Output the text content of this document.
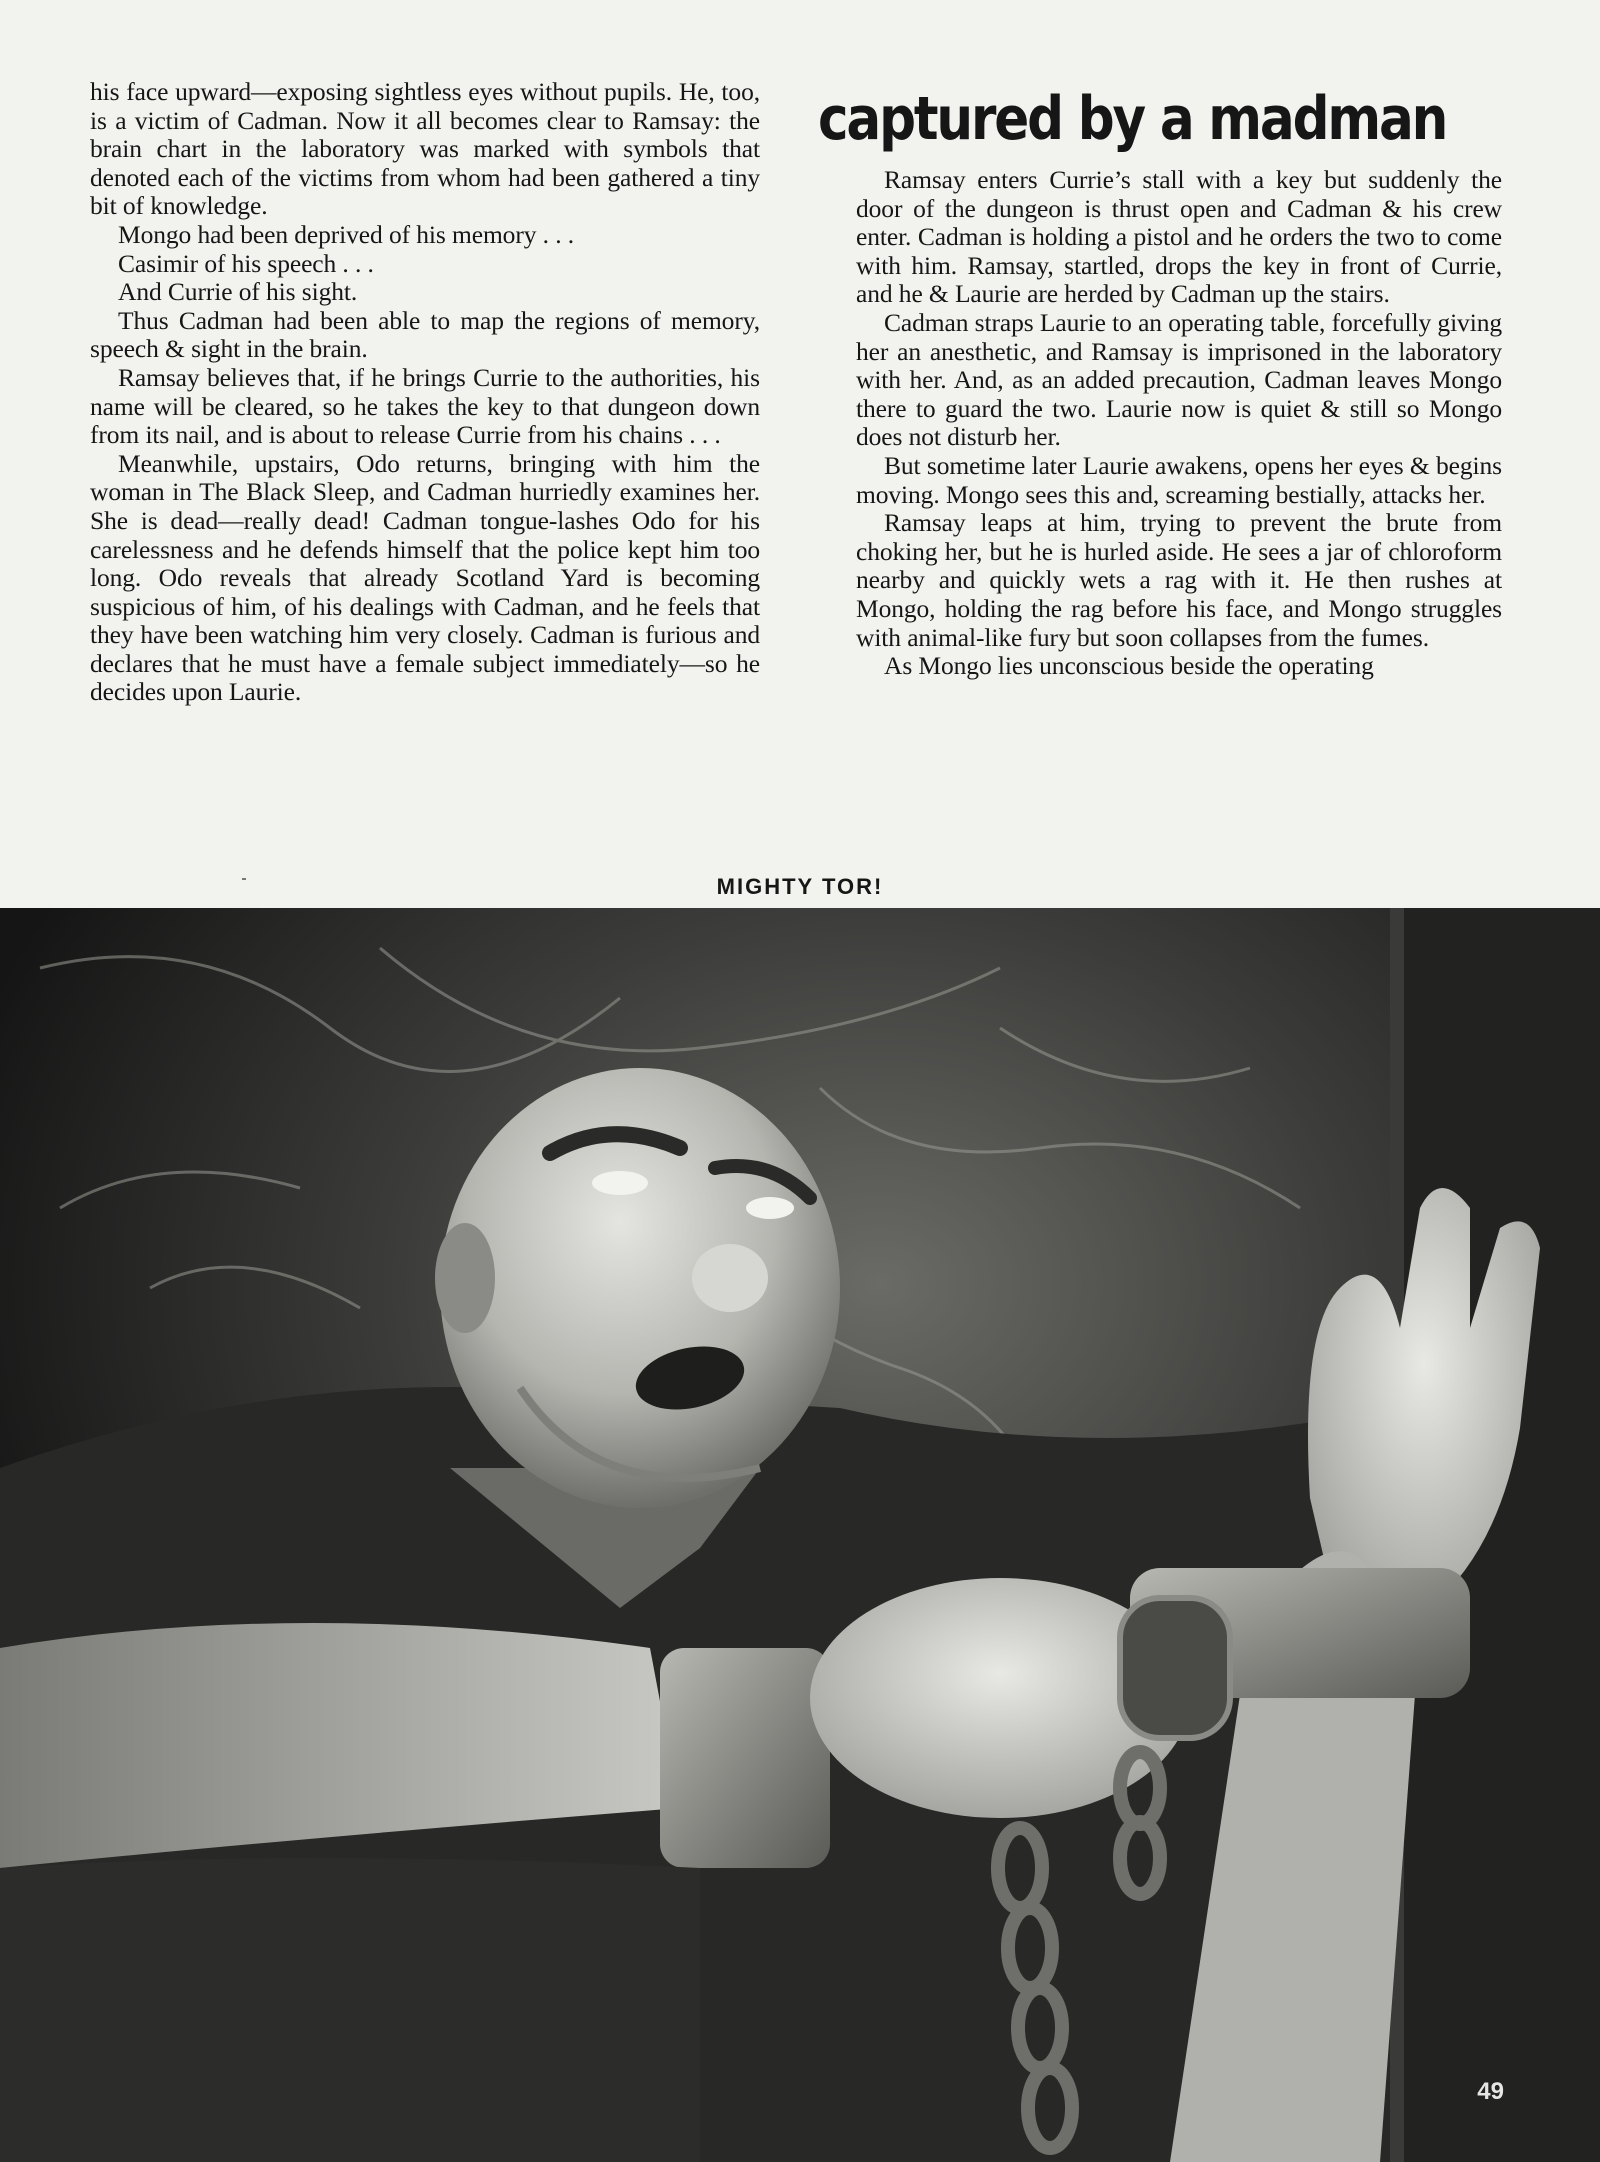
his face upward—exposing sightless eyes without pupils. He, too, is a victim of Cadman. Now it all becomes clear to Ramsay: the brain chart in the laboratory was marked with symbols that denoted each of the victims from whom had been gathered a tiny bit of knowledge.

Mongo had been deprived of his memory . . .

Casimir of his speech . . .

And Currie of his sight.

Thus Cadman had been able to map the regions of memory, speech & sight in the brain.

Ramsay believes that, if he brings Currie to the authorities, his name will be cleared, so he takes the key to that dungeon down from its nail, and is about to release Currie from his chains . . .

Meanwhile, upstairs, Odo returns, bringing with him the woman in The Black Sleep, and Cadman hurriedly examines her. She is dead—really dead! Cadman tongue-lashes Odo for his carelessness and he defends himself that the police kept him too long. Odo reveals that already Scotland Yard is becoming suspicious of him, of his dealings with Cadman, and he feels that they have been watching him very closely. Cadman is furious and declares that he must have a female subject immediately—so he decides upon Laurie.

captured by a madman

Ramsay enters Currie’s stall with a key but suddenly the door of the dungeon is thrust open and Cadman & his crew enter. Cadman is holding a pistol and he orders the two to come with him. Ramsay, startled, drops the key in front of Currie, and he & Laurie are herded by Cadman up the stairs.

Cadman straps Laurie to an operating table, forcefully giving her an anesthetic, and Ramsay is imprisoned in the laboratory with her. And, as an added precaution, Cadman leaves Mongo there to guard the two. Laurie now is quiet & still so Mongo does not disturb her.

But sometime later Laurie awakens, opens her eyes & begins moving. Mongo sees this and, screaming bestially, attacks her.

Ramsay leaps at him, trying to prevent the brute from choking her, but he is hurled aside. He sees a jar of chloroform nearby and quickly wets a rag with it. He then rushes at Mongo, holding the rag before his face, and Mongo struggles with animal-like fury but soon collapses from the fumes.

As Mongo lies unconscious beside the operating

MIGHTY TOR!
49
